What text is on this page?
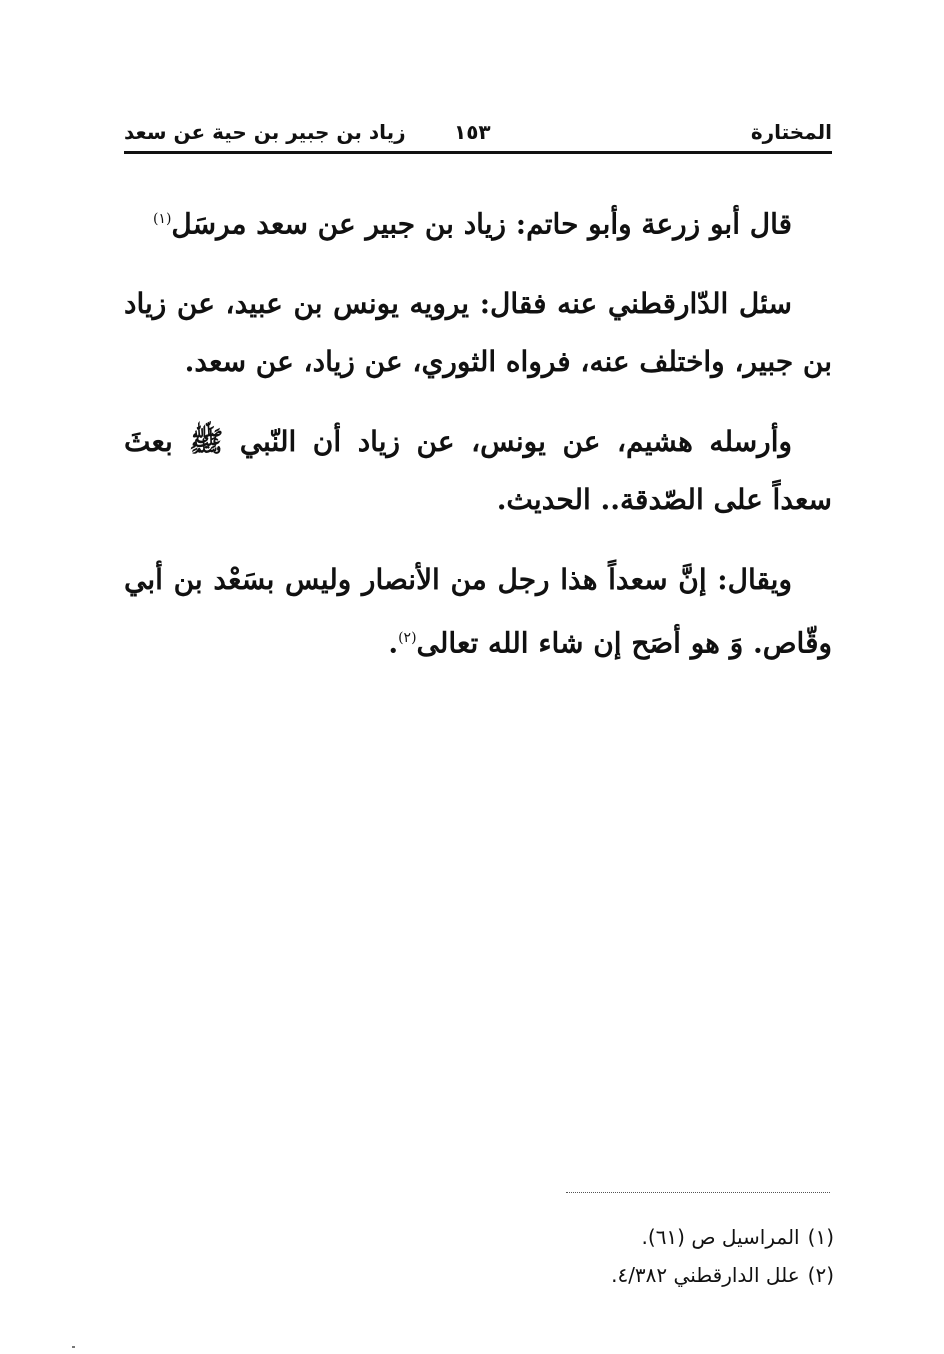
المختارة
١٥٣
زياد بن جبير بن حية عن سعد

قال أبو زرعة وأبو حاتم: زياد بن جبير عن سعد مرسَل$^{(١)}$

سئل الدّارقطني عنه فقال: يرويه يونس بن عبيد، عن زياد بن جبير، واختلف عنه، فرواه الثوري، عن زياد، عن سعد.

وأرسله هشيم، عن يونس، عن زياد أن النّبي ﷺ بعثَ سعداً على الصّدقة.. الحديث.

ويقال: إنَّ سعداً هذا رجل من الأنصار وليس بسَعْد بن أبي وقّاص. وَ هو أصَح إن شاء الله تعالى$^{(٢)}$.

(١)المراسيل ص (٦١).

(٢)علل الدارقطني ٤/٣٨٢.
